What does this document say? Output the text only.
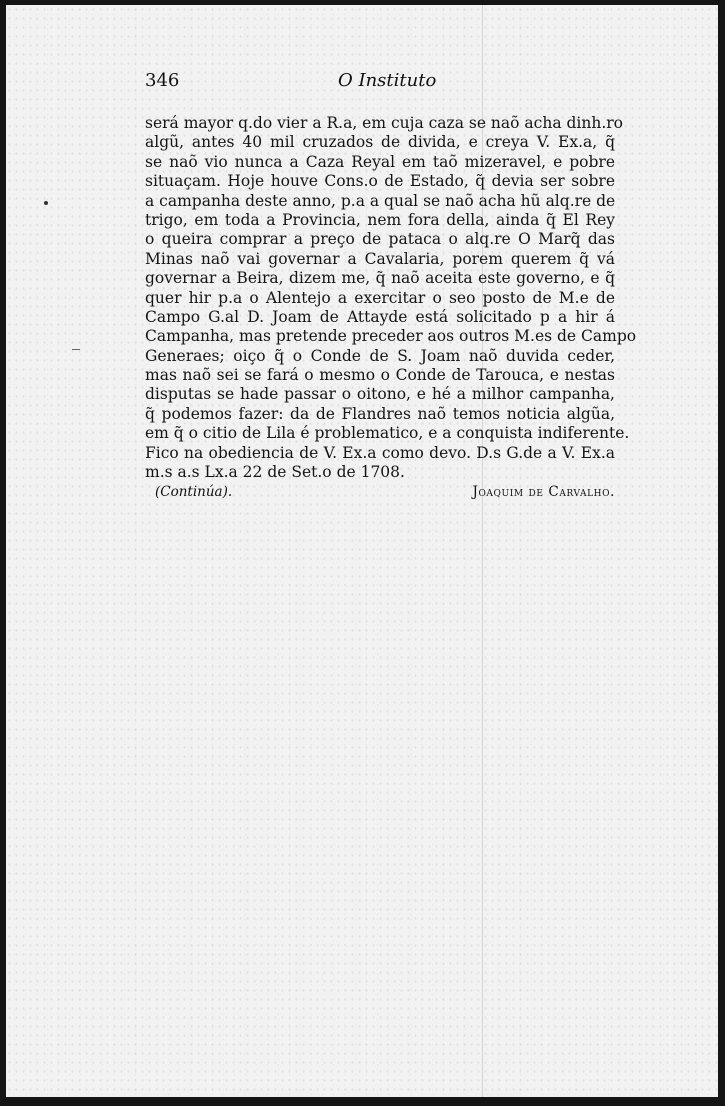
346	O Instituto
será mayor q.do vier a R.a, em cuja caza se naõ acha dinh.ro
algũ, antes 40 mil cruzados de divida, e creya V. Ex.a, q̃
se naõ vio nunca a Caza Reyal em taõ mizeravel, e pobre
situaçam. Hoje houve Cons.o de Estado, q̃ devia ser sobre
a campanha deste anno, p.a a qual se naõ acha hũ alq.re de
trigo, em toda a Provincia, nem fora della, ainda q̃ El Rey
o queira comprar a preço de pataca o alq.re O Marq̃ das
Minas naõ vai governar a Cavalaria, porem querem q̃ vá
governar a Beira, dizem me, q̃ naõ aceita este governo, e q̃
quer hir p.a o Alentejo a exercitar o seo posto de M.e de
Campo G.al D. Joam de Attayde está solicitado p a hir á
Campanha, mas pretende preceder aos outros M.es de Campo
Generaes; oiço q̃ o Conde de S. Joam naõ duvida ceder,
mas naõ sei se fará o mesmo o Conde de Tarouca, e nestas
disputas se hade passar o oitono, e hé a milhor campanha,
q̃ podemos fazer: da de Flandres naõ temos noticia algũa,
em q̃ o citio de Lila é problematico, e a conquista indiferente.
Fico na obediencia de V. Ex.a como devo. D.s G.de a V. Ex.a
m.s a.s Lx.a 22 de Set.o de 1708.
(Continúa).	Joaquim de Carvalho.
